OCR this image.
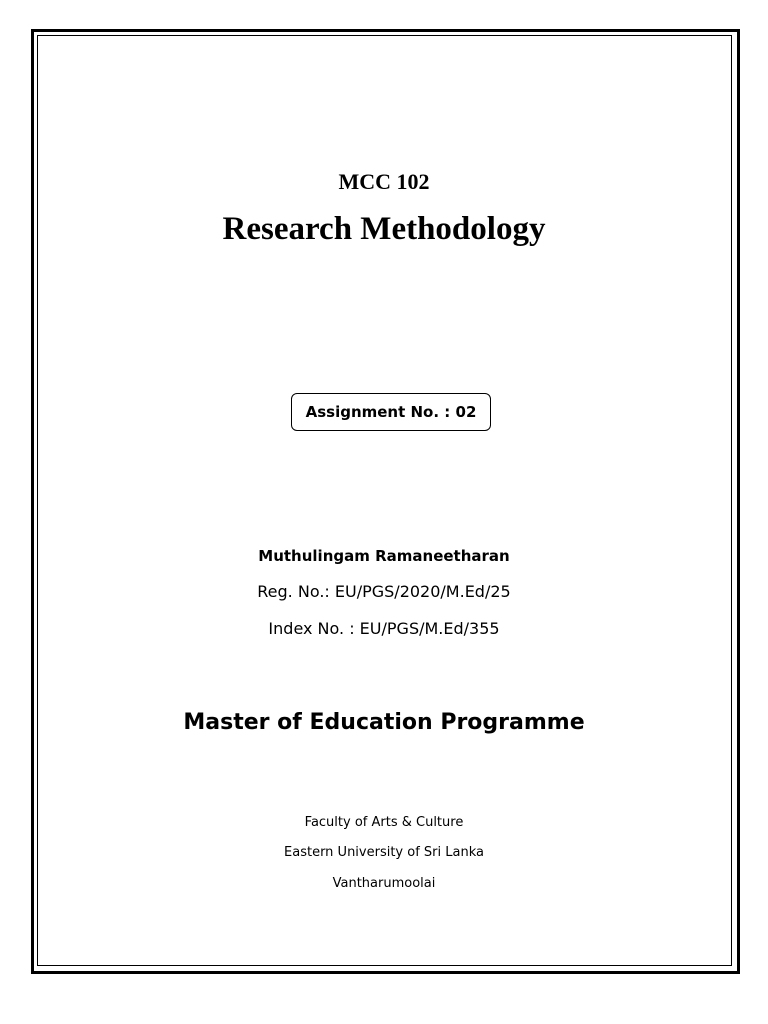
MCC 102
Research Methodology
Assignment No. : 02
Muthulingam Ramaneetharan
Reg. No.: EU/PGS/2020/M.Ed/25
Index No. : EU/PGS/M.Ed/355
Master of Education Programme
Faculty of Arts & Culture
Eastern University of Sri Lanka
Vantharumoolai
